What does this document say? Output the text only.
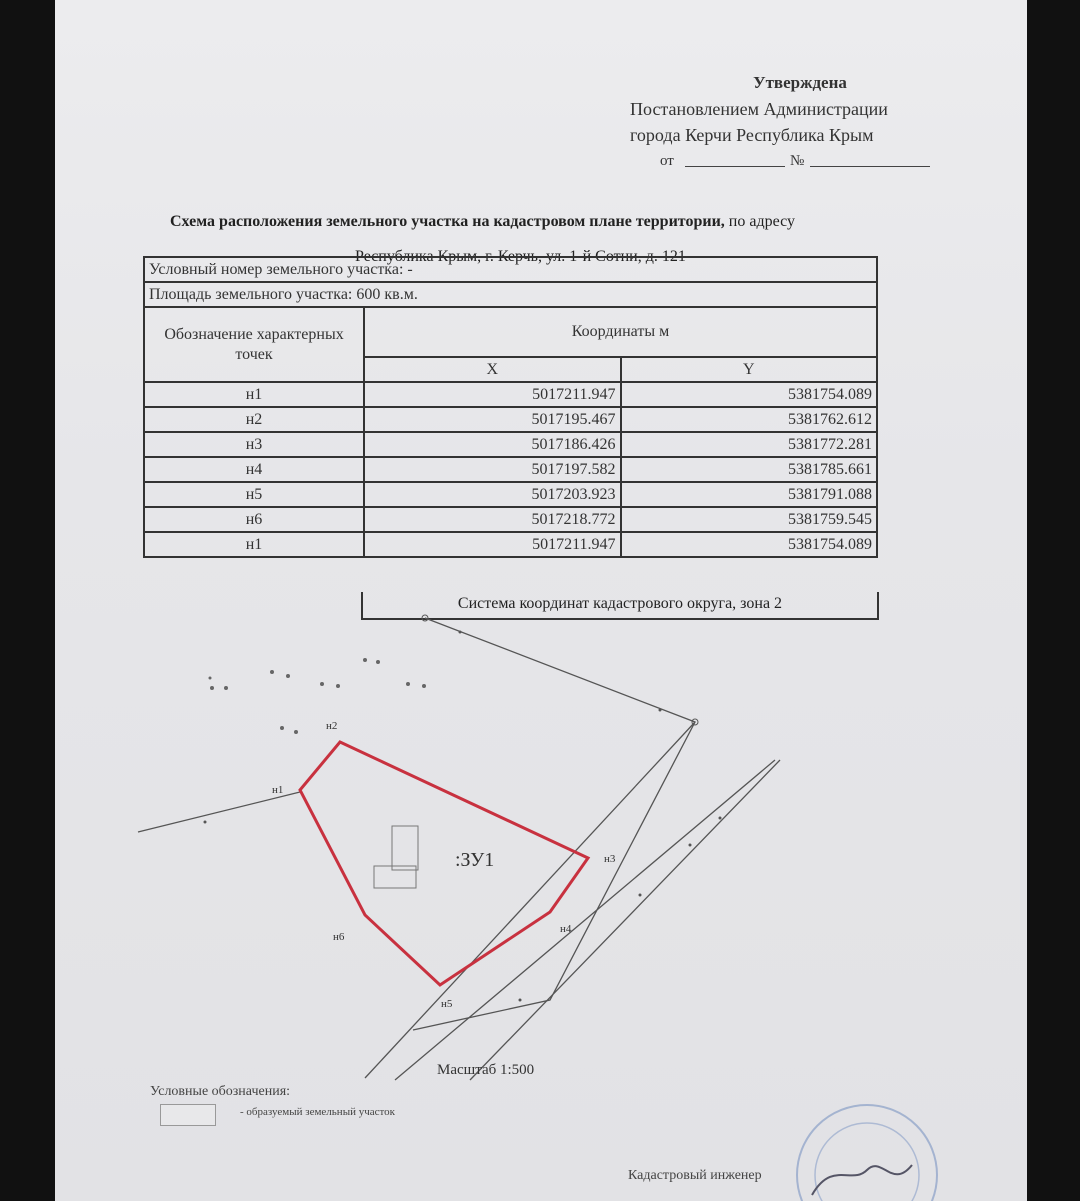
Утверждена
Постановлением Администрации
города Керчи Республика Крым
от	№
Схема расположения земельного участка на кадастровом плане территории, по адресу
Республика Крым, г. Керчь, ул. 1-й Сотни, д. 121
Условный номер земельного участка: -		
Площадь земельного участка: 600 кв.м.		
Обозначение характерных точек	Координаты м	
	X	Y
н1	5017211.947	5381754.089
н2	5017195.467	5381762.612
н3	5017186.426	5381772.281
н4	5017197.582	5381785.661
н5	5017203.923	5381791.088
н6	5017218.772	5381759.545
н1	5017211.947	5381754.089
Система координат кадастрового округа, зона 2
:ЗУ1
н1
н2
н3
н4
н5
н6
Масштаб 1:500
Условные обозначения:
- образуемый земельный участок
Кадастровый инженер
